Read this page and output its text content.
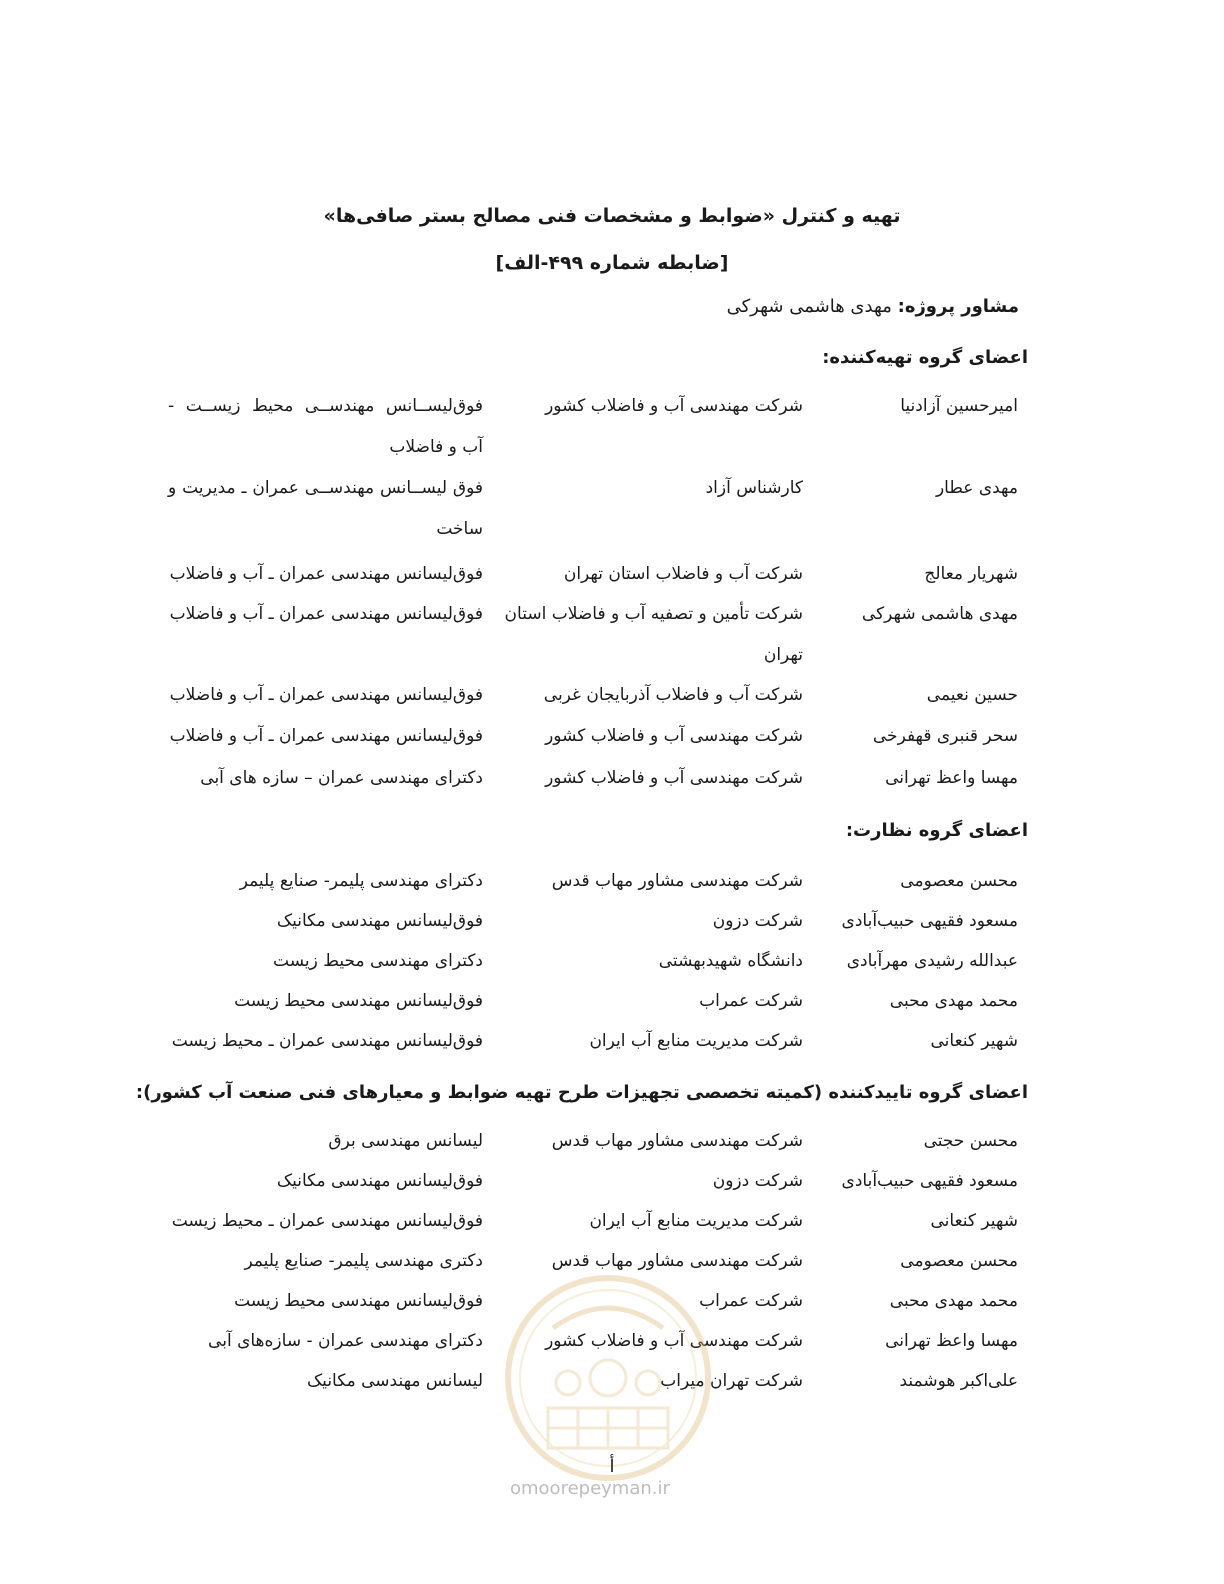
تهیه و کنترل «ضوابط و مشخصات فنی مصالح بستر صافی‌ها»
[ضابطه شماره ۴۹۹-الف]
مشاور پروژه: مهدی هاشمی شهرکی
اعضای گروه تهیه‌کننده:
امیرحسین آزادنیا
شرکت مهندسی آب و فاضلاب کشور
فوق‌لیســانس مهندســی محیط زیســت - آب و فاضلاب
مهدی عطار
کارشناس آزاد
فوق لیســانس مهندســی عمران ـ مدیریت و ساخت
شهریار معالج
شرکت آب و فاضلاب استان تهران
فوق‌لیسانس مهندسی عمران ـ آب و فاضلاب
مهدی هاشمی شهرکی
شرکت تأمین و تصفیه آب و فاضلاب استان تهران
فوق‌لیسانس مهندسی عمران ـ آب و فاضلاب
حسین نعیمی
شرکت آب و فاضلاب آذربایجان غربی
فوق‌لیسانس مهندسی عمران ـ آب و فاضلاب
سحر قنبری قهفرخی
شرکت مهندسی آب و فاضلاب کشور
فوق‌لیسانس مهندسی عمران ـ آب و فاضلاب
مهسا واعظ تهرانی
شرکت مهندسی آب و فاضلاب کشور
دکترای مهندسی عمران – سازه های آبی
اعضای گروه نظارت:
محسن معصومی
شرکت مهندسی مشاور مهاب قدس
دکترای مهندسی پلیمر- صنایع پلیمر
مسعود فقیهی حبیب‌آبادی
شرکت دزون
فوق‌لیسانس مهندسی مکانیک
عبدالله رشیدی مهرآبادی
دانشگاه شهیدبهشتی
دکترای مهندسی محیط زیست
محمد مهدی محبی
شرکت عمراب
فوق‌لیسانس مهندسی محیط زیست
شهیر کنعانی
شرکت مدیریت منابع آب ایران
فوق‌لیسانس مهندسی عمران ـ محیط زیست
اعضای گروه تاییدکننده (کمیته تخصصی تجهیزات طرح تهیه ضوابط و معیارهای فنی صنعت آب کشور):
محسن حجتی
شرکت مهندسی مشاور مهاب قدس
لیسانس مهندسی برق
مسعود فقیهی حبیب‌آبادی
شرکت دزون
فوق‌لیسانس مهندسی مکانیک
شهیر کنعانی
شرکت مدیریت منابع آب ایران
فوق‌لیسانس مهندسی عمران ـ محیط زیست
محسن معصومی
شرکت مهندسی مشاور مهاب قدس
دکتری مهندسی پلیمر- صنایع پلیمر
محمد مهدی محبی
شرکت عمراب
فوق‌لیسانس مهندسی محیط زیست
مهسا واعظ تهرانی
شرکت مهندسی آب و فاضلاب کشور
دکترای مهندسی عمران - سازه‌های آبی
علی‌اکبر هوشمند
شرکت تهران میراب
لیسانس مهندسی مکانیک
omoorepeyman.ir
أ
